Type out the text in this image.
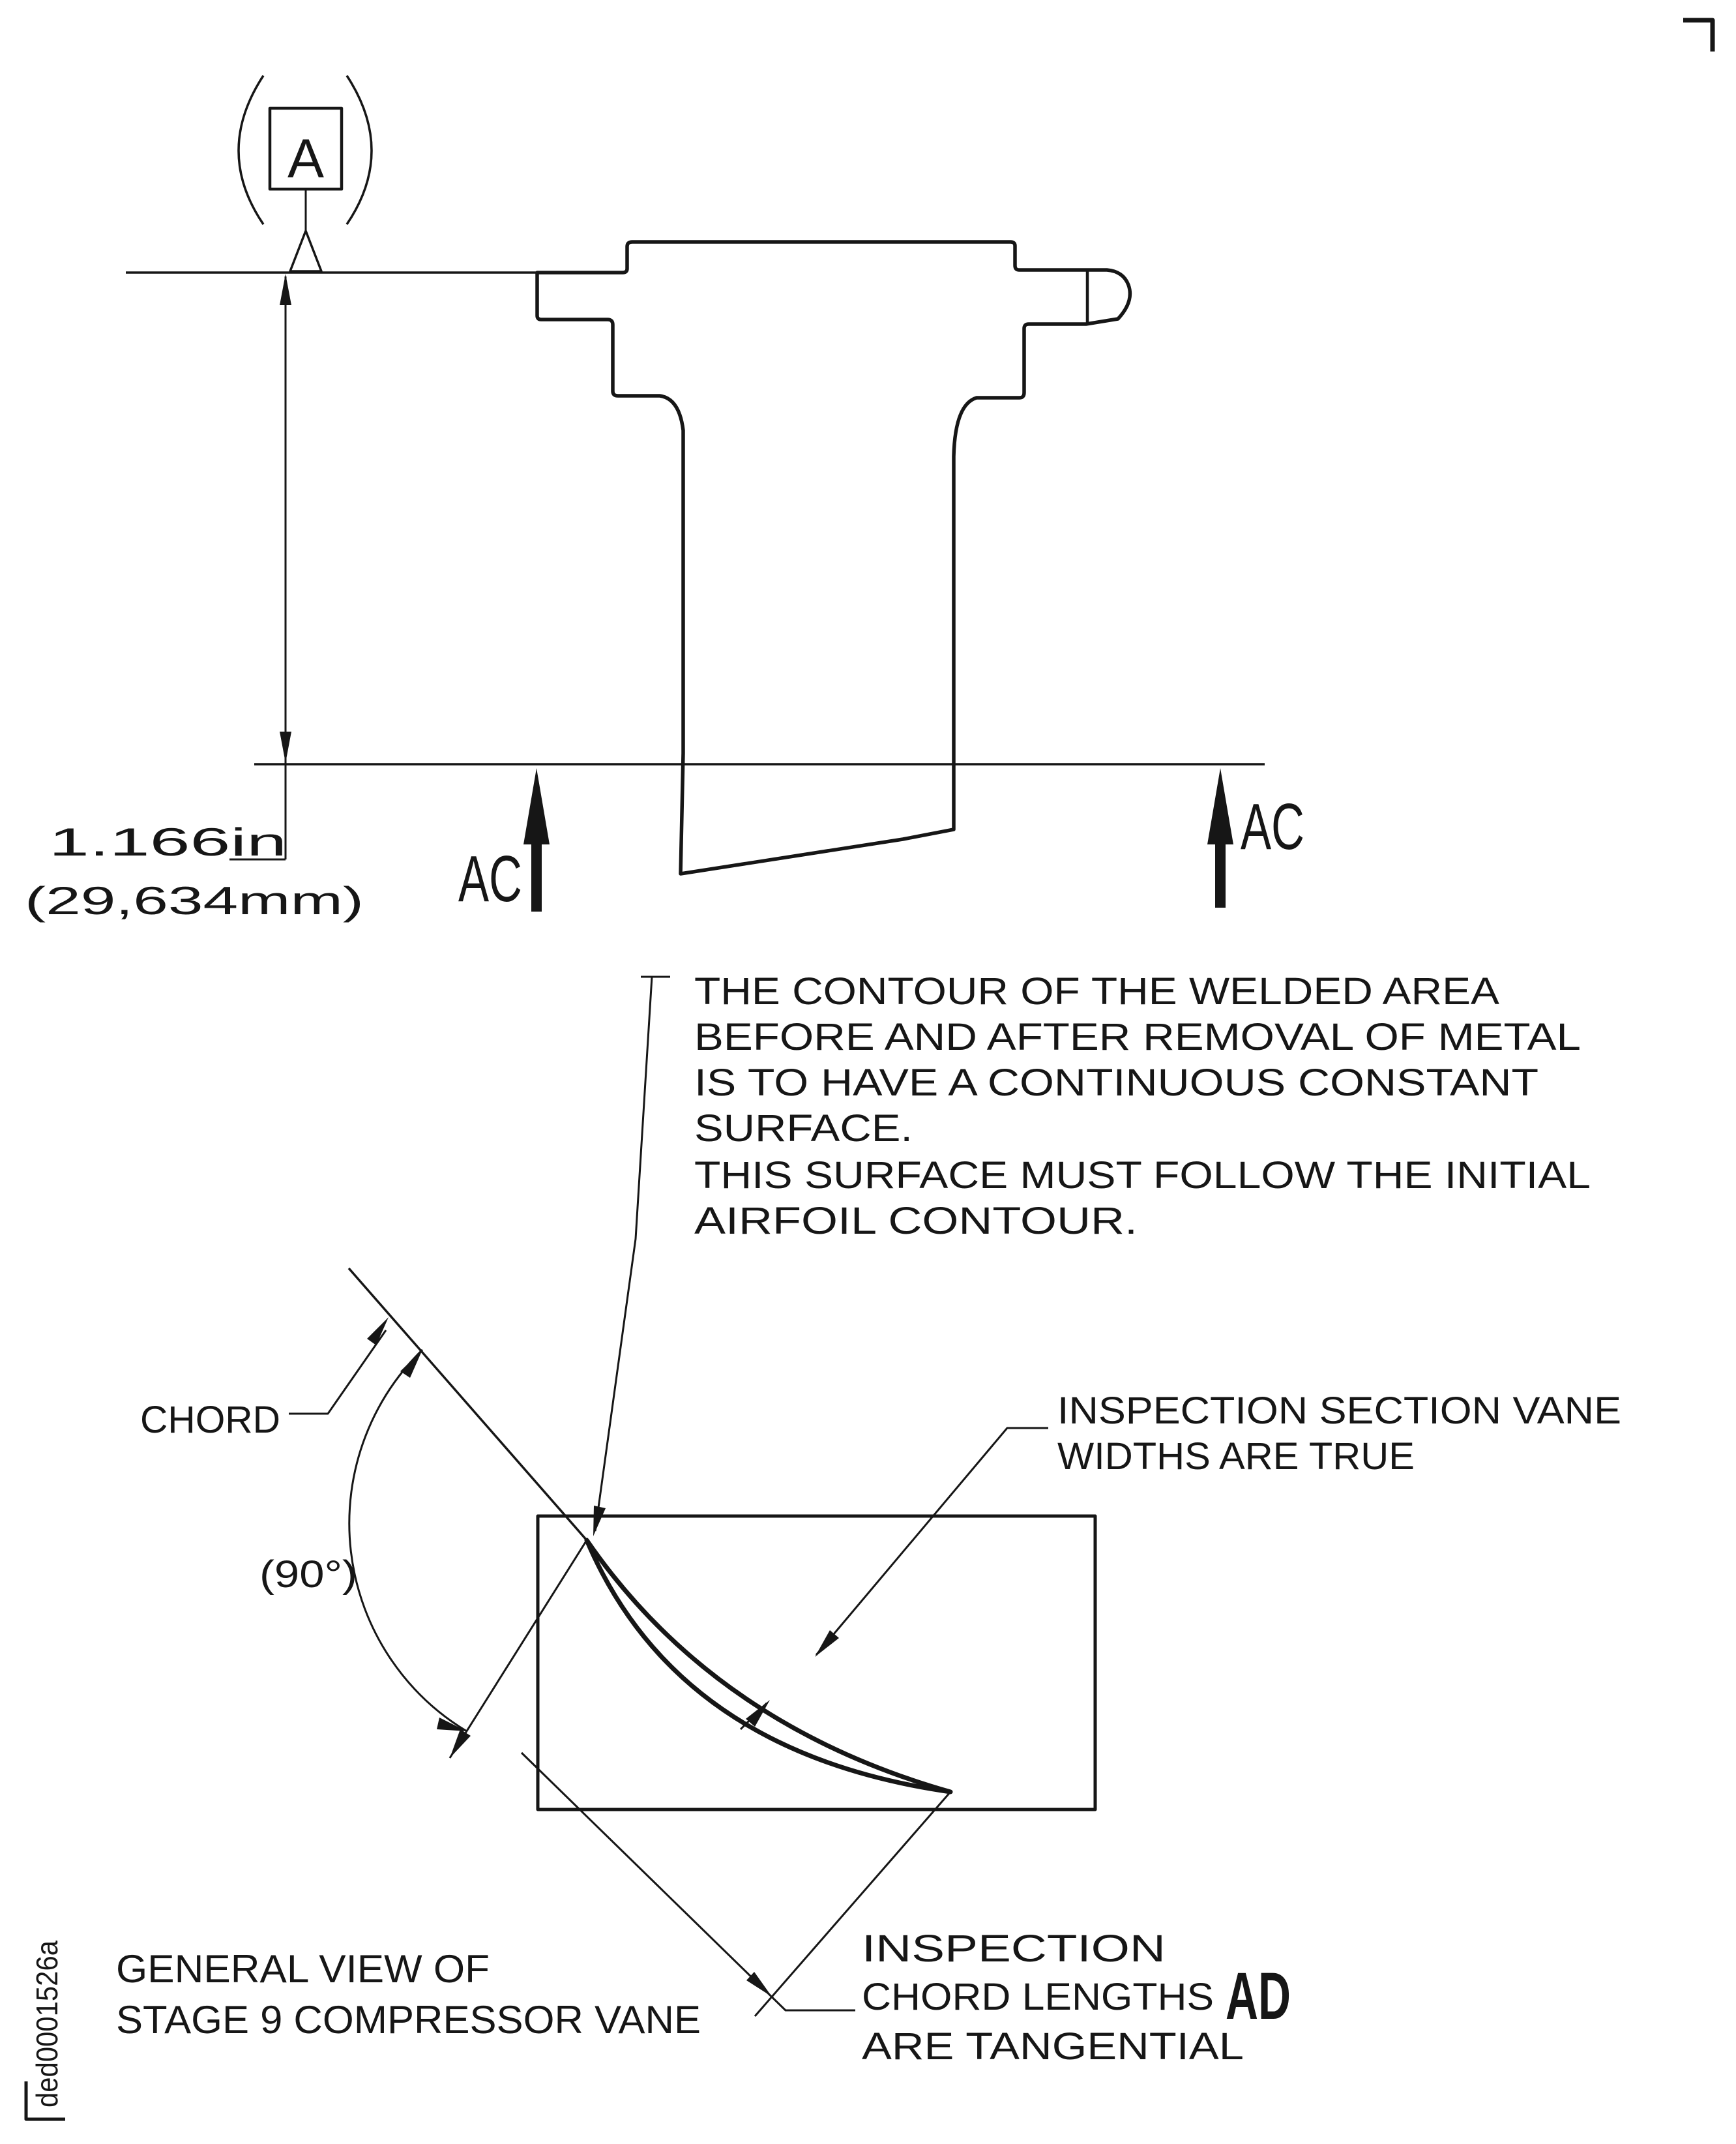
A
1.166in
(29,634mm) AC
AC
THE CONTOUR OF THE WELDED AREA
BEFORE AND AFTER REMOVAL OF METAL
IS TO HAVE A CONTINUOUS CONSTANT
SURFACE.
THIS SURFACE MUST FOLLOW THE INITIAL
AIRFOIL CONTOUR.
CHORD
(90°)
INSPECTION SECTION VANE
WIDTHS ARE TRUE
INSPECTION
CHORD LENGTHS AD
ARE TANGENTIAL
GENERAL VIEW OF
STAGE 9 COMPRESSOR VANE
ded0001526a
